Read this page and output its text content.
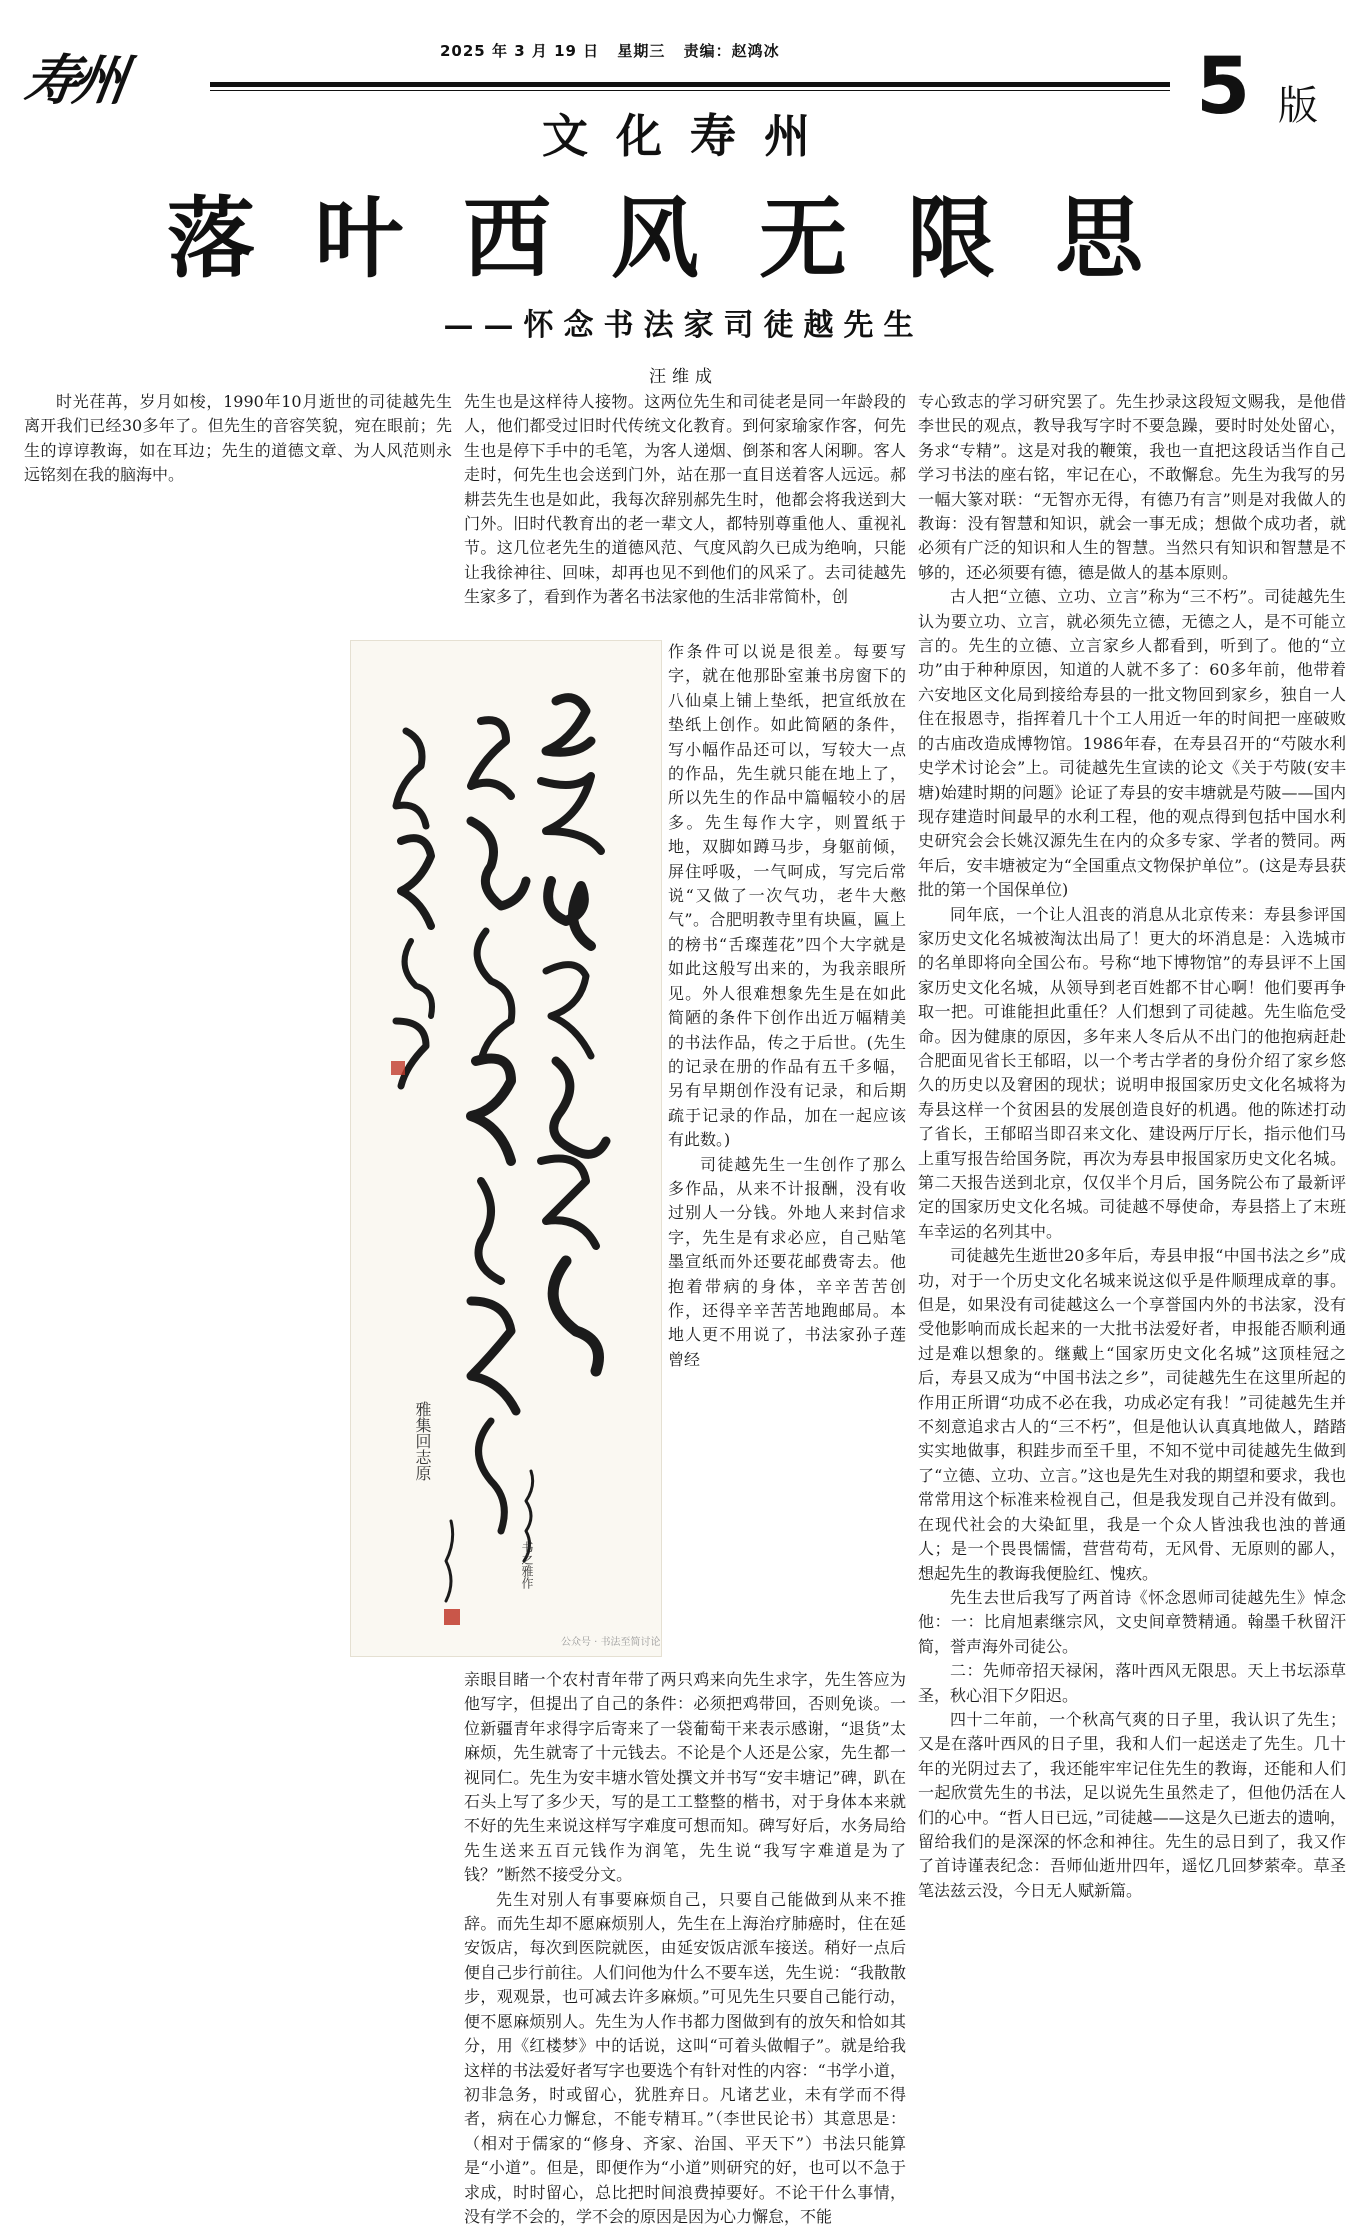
寿州	2025 年 3 月 19 日 星期三 责编：赵鸿冰
文化寿州
5 版
落叶西风无限思
——怀念书法家司徒越先生
汪维成

时光荏苒，岁月如梭，1990年10月逝世的司徒越先生离开我们已经30多年了。但先生的音容笑貌，宛在眼前；先生的谆谆教诲，如在耳边；先生的道德文章、为人风范则永远铭刻在我的脑海中。

先生也是这样待人接物。这两位先生和司徒老是同一年龄段的人，他们都受过旧时代传统文化教育。到何家瑜家作客，何先生也是停下手中的毛笔，为客人递烟、倒茶和客人闲聊。客人走时，何先生也会送到门外，站在那一直目送着客人远远。郝耕芸先生也是如此，我每次辞别郝先生时，他都会将我送到大门外。旧时代教育出的老一辈文人，都特别尊重他人、重视礼节。这几位老先生的道德风范、气度风韵久已成为绝响，只能让我徐神往、回味，却再也见不到他们的风采了。去司徒越先生家多了，看到作为著名书法家他的生活非常简朴，创

雅集回志原
书之雅作
公众号 · 书法至简讨论

作条件可以说是很差。每要写字，就在他那卧室兼书房窗下的八仙桌上铺上垫纸，把宣纸放在垫纸上创作。如此简陋的条件，写小幅作品还可以，写较大一点的作品，先生就只能在地上了，所以先生的作品中篇幅较小的居多。先生每作大字，则置纸于地，双脚如蹲马步，身躯前倾，屏住呼吸，一气呵成，写完后常说“又做了一次气功，老牛大憋气”。合肥明教寺里有块匾，匾上的榜书“舌璨莲花”四个大字就是如此这般写出来的，为我亲眼所见。外人很难想象先生是在如此简陋的条件下创作出近万幅精美的书法作品，传之于后世。(先生的记录在册的作品有五千多幅，另有早期创作没有记录，和后期疏于记录的作品，加在一起应该有此数。)

司徒越先生一生创作了那么多作品，从来不计报酬，没有收过别人一分钱。外地人来封信求字，先生是有求必应，自己贴笔墨宣纸而外还要花邮费寄去。他抱着带病的身体，辛辛苦苦创作，还得辛辛苦苦地跑邮局。本地人更不用说了，书法家孙子莲曾经

亲眼目睹一个农村青年带了两只鸡来向先生求字，先生答应为他写字，但提出了自己的条件：必须把鸡带回，否则免谈。一位新疆青年求得字后寄来了一袋葡萄干来表示感谢，“退货”太麻烦，先生就寄了十元钱去。不论是个人还是公家，先生都一视同仁。先生为安丰塘水管处撰文并书写“安丰塘记”碑，趴在石头上写了多少天，写的是工工整整的楷书，对于身体本来就不好的先生来说这样写字难度可想而知。碑写好后，水务局给先生送来五百元钱作为润笔，先生说“我写字难道是为了钱？”断然不接受分文。

先生对别人有事要麻烦自己，只要自己能做到从来不推辞。而先生却不愿麻烦别人，先生在上海治疗肺癌时，住在延安饭店，每次到医院就医，由延安饭店派车接送。稍好一点后便自己步行前往。人们问他为什么不要车送，先生说：“我散散步，观观景，也可减去许多麻烦。”可见先生只要自己能行动，便不愿麻烦别人。先生为人作书都力图做到有的放矢和恰如其分，用《红楼梦》中的话说，这叫“可着头做帽子”。就是给我这样的书法爱好者写字也要选个有针对性的内容：“书学小道，初非急务，时或留心，犹胜弃日。凡诸艺业，未有学而不得者，病在心力懈怠，不能专精耳。”（李世民论书）其意思是：（相对于儒家的“修身、齐家、治国、平天下”）书法只能算是“小道”。但是，即便作为“小道”则研究的好，也可以不急于求成，时时留心，总比把时间浪费掉要好。不论干什么事情，没有学不会的，学不会的原因是因为心力懈怠，不能

专心致志的学习研究罢了。先生抄录这段短文赐我，是他借李世民的观点，教导我写字时不要急躁，要时时处处留心，务求“专精”。这是对我的鞭策，我也一直把这段话当作自己学习书法的座右铭，牢记在心，不敢懈怠。先生为我写的另一幅大篆对联：“无智亦无得，有德乃有言”则是对我做人的教诲：没有智慧和知识，就会一事无成；想做个成功者，就必须有广泛的知识和人生的智慧。当然只有知识和智慧是不够的，还必须要有德，德是做人的基本原则。

古人把“立德、立功、立言”称为“三不朽”。司徒越先生认为要立功、立言，就必须先立德，无德之人，是不可能立言的。先生的立德、立言家乡人都看到，听到了。他的“立功”由于种种原因，知道的人就不多了：60多年前，他带着六安地区文化局到接给寿县的一批文物回到家乡，独自一人住在报恩寺，指挥着几十个工人用近一年的时间把一座破败的古庙改造成博物馆。1986年春，在寿县召开的“芍陂水利史学术讨论会”上。司徒越先生宣读的论文《关于芍陂(安丰塘)始建时期的问题》论证了寿县的安丰塘就是芍陂——国内现存建造时间最早的水利工程，他的观点得到包括中国水利史研究会会长姚汉源先生在内的众多专家、学者的赞同。两年后，安丰塘被定为“全国重点文物保护单位”。(这是寿县获批的第一个国保单位)

同年底，一个让人沮丧的消息从北京传来：寿县参评国家历史文化名城被淘汰出局了！更大的坏消息是：入选城市的名单即将向全国公布。号称“地下博物馆”的寿县评不上国家历史文化名城，从领导到老百姓都不甘心啊！他们要再争取一把。可谁能担此重任？人们想到了司徒越。先生临危受命。因为健康的原因，多年来人冬后从不出门的他抱病赶赴合肥面见省长王郁昭，以一个考古学者的身份介绍了家乡悠久的历史以及窘困的现状；说明申报国家历史文化名城将为寿县这样一个贫困县的发展创造良好的机遇。他的陈述打动了省长，王郁昭当即召来文化、建设两厅厅长，指示他们马上重写报告给国务院，再次为寿县申报国家历史文化名城。第二天报告送到北京，仅仅半个月后，国务院公布了最新评定的国家历史文化名城。司徒越不辱使命，寿县搭上了末班车幸运的名列其中。

司徒越先生逝世20多年后，寿县申报“中国书法之乡”成功，对于一个历史文化名城来说这似乎是件顺理成章的事。但是，如果没有司徒越这么一个享誉国内外的书法家，没有受他影响而成长起来的一大批书法爱好者，申报能否顺利通过是难以想象的。继戴上“国家历史文化名城”这顶桂冠之后，寿县又成为“中国书法之乡”，司徒越先生在这里所起的作用正所谓“功成不必在我，功成必定有我！”司徒越先生并不刻意追求古人的“三不朽”，但是他认认真真地做人，踏踏实实地做事，积跬步而至千里，不知不觉中司徒越先生做到了“立德、立功、立言。”这也是先生对我的期望和要求，我也常常用这个标准来检视自己，但是我发现自己并没有做到。在现代社会的大染缸里，我是一个众人皆浊我也浊的普通人；是一个畏畏懦懦，营营苟苟，无风骨、无原则的鄙人，想起先生的教诲我便脸红、愧疚。

先生去世后我写了两首诗《怀念恩师司徒越先生》悼念他：一：比肩旭素继宗风，文史间章赞精通。翰墨千秋留汗简，誉声海外司徒公。

二：先师帝招天禄闲，落叶西风无限思。天上书坛添草圣，秋心泪下夕阳迟。

四十二年前，一个秋高气爽的日子里，我认识了先生；又是在落叶西风的日子里，我和人们一起送走了先生。几十年的光阴过去了，我还能牢牢记住先生的教诲，还能和人们一起欣赏先生的书法，足以说先生虽然走了，但他仍活在人们的心中。“哲人日已远，”司徒越——这是久已逝去的遗响，留给我们的是深深的怀念和神往。先生的忌日到了，我又作了首诗谨表纪念：吾师仙逝卅四年，遥忆几回梦萦牵。草圣笔法兹云没，今日无人赋新篇。
